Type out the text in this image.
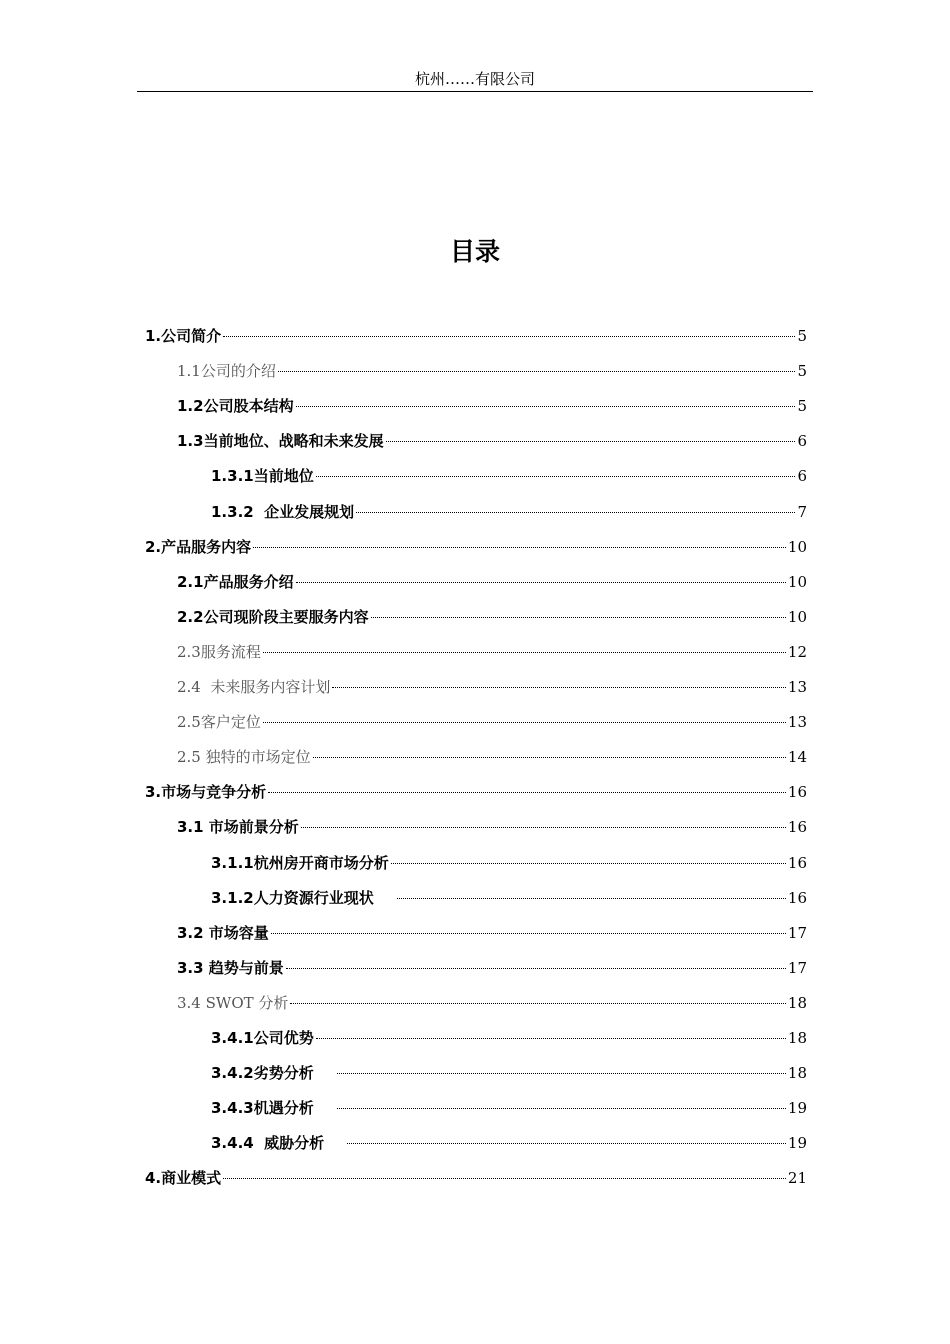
杭州……有限公司
目录
1.公司简介	5
1.1公司的介绍	5
1.2公司股本结构	5
1.3当前地位、战略和未来发展	6
1.3.1当前地位	6
1.3.2  企业发展规划	7
2.产品服务内容	10
2.1产品服务介绍	10
2.2公司现阶段主要服务内容	10
2.3服务流程	12
2.4  未来服务内容计划	13
2.5客户定位	13
2.5 独特的市场定位	14
3.市场与竞争分析	16
3.1 市场前景分析	16
3.1.1杭州房开商市场分析	16
3.1.2人力资源行业现状	16
3.2 市场容量	17
3.3 趋势与前景	17
3.4 SWOT 分析	18
3.4.1公司优势	18
3.4.2劣势分析	18
3.4.3机遇分析	19
3.4.4  威胁分析	19
4.商业模式	21
